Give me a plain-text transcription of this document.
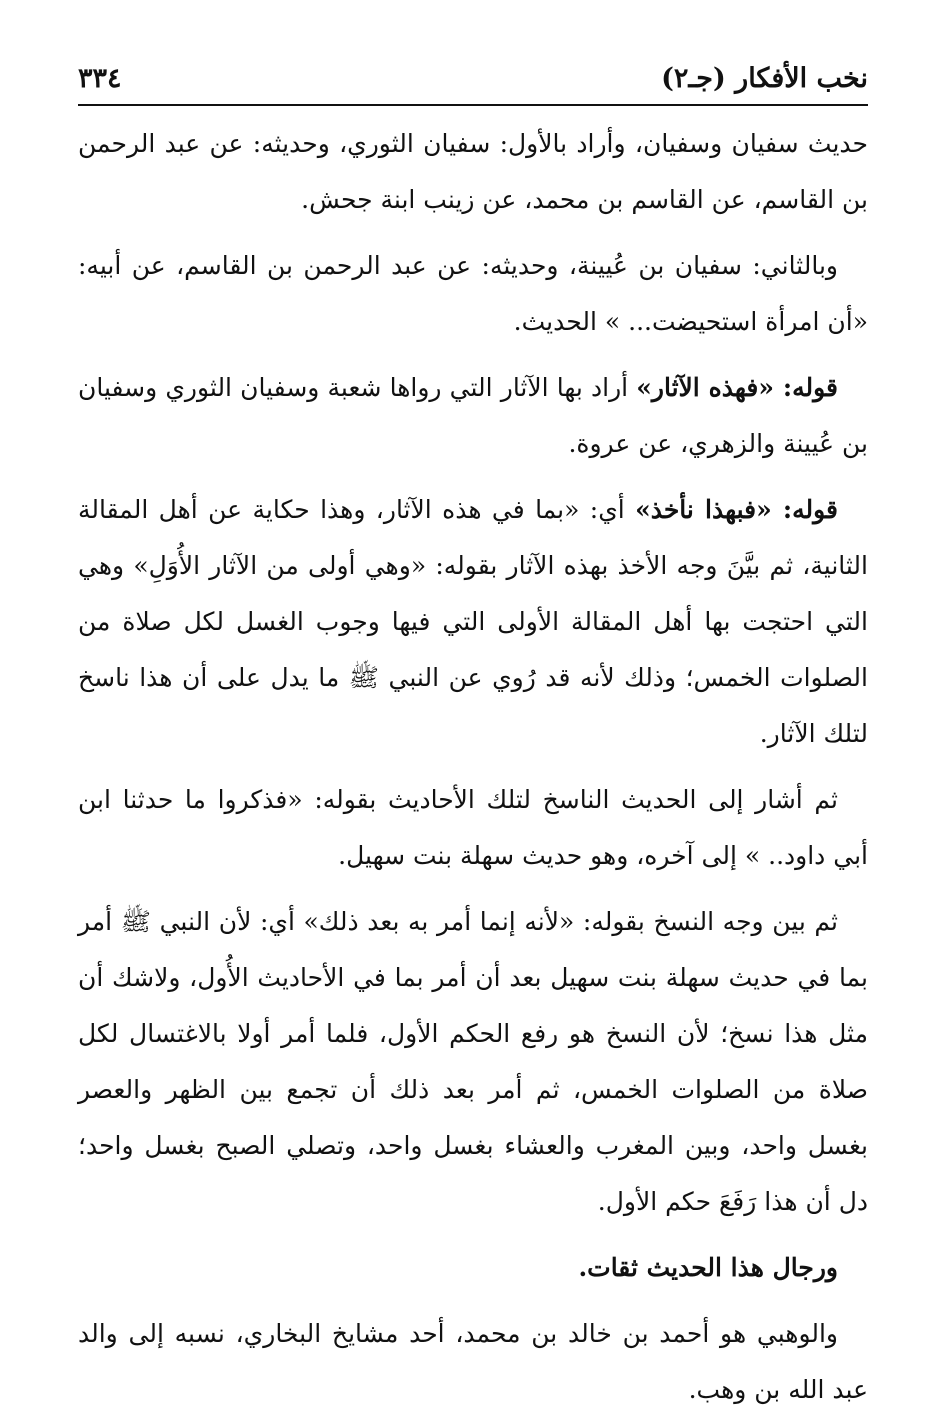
٣٣٤	نخب الأفكار (جـ٢)

حديث سفيان وسفيان، وأراد بالأول: سفيان الثوري، وحديثه: عن عبد الرحمن بن القاسم، عن القاسم بن محمد، عن زينب ابنة جحش.

وبالثاني: سفيان بن عُيينة، وحديثه: عن عبد الرحمن بن القاسم، عن أبيه: «أن امرأة استحيضت... » الحديث.

قوله: «فهذه الآثار» أراد بها الآثار التي رواها شعبة وسفيان الثوري وسفيان بن عُيينة والزهري، عن عروة.

قوله: «فبهذا نأخذ» أي: «بما في هذه الآثار، وهذا حكاية عن أهل المقالة الثانية، ثم بيَّنَ وجه الأخذ بهذه الآثار بقوله: «وهي أولى من الآثار الأُوَلِ» وهي التي احتجت بها أهل المقالة الأولى التي فيها وجوب الغسل لكل صلاة من الصلوات الخمس؛ وذلك لأنه قد رُوي عن النبي ﷺ ما يدل على أن هذا ناسخ لتلك الآثار.

ثم أشار إلى الحديث الناسخ لتلك الأحاديث بقوله: «فذكروا ما حدثنا ابن أبي داود.. » إلى آخره، وهو حديث سهلة بنت سهيل.

ثم بين وجه النسخ بقوله: «لأنه إنما أمر به بعد ذلك» أي: لأن النبي ﷺ أمر بما في حديث سهلة بنت سهيل بعد أن أمر بما في الأحاديث الأُول، ولاشك أن مثل هذا نسخ؛ لأن النسخ هو رفع الحكم الأول، فلما أمر أولا بالاغتسال لكل صلاة من الصلوات الخمس، ثم أمر بعد ذلك أن تجمع بين الظهر والعصر بغسل واحد، وبين المغرب والعشاء بغسل واحد، وتصلي الصبح بغسل واحد؛ دل أن هذا رَفَعَ حكم الأول.

ورجال هذا الحديث ثقات.

والوهبي هو أحمد بن خالد بن محمد، أحد مشايخ البخاري، نسبه إلى والد عبد الله بن وهب.
